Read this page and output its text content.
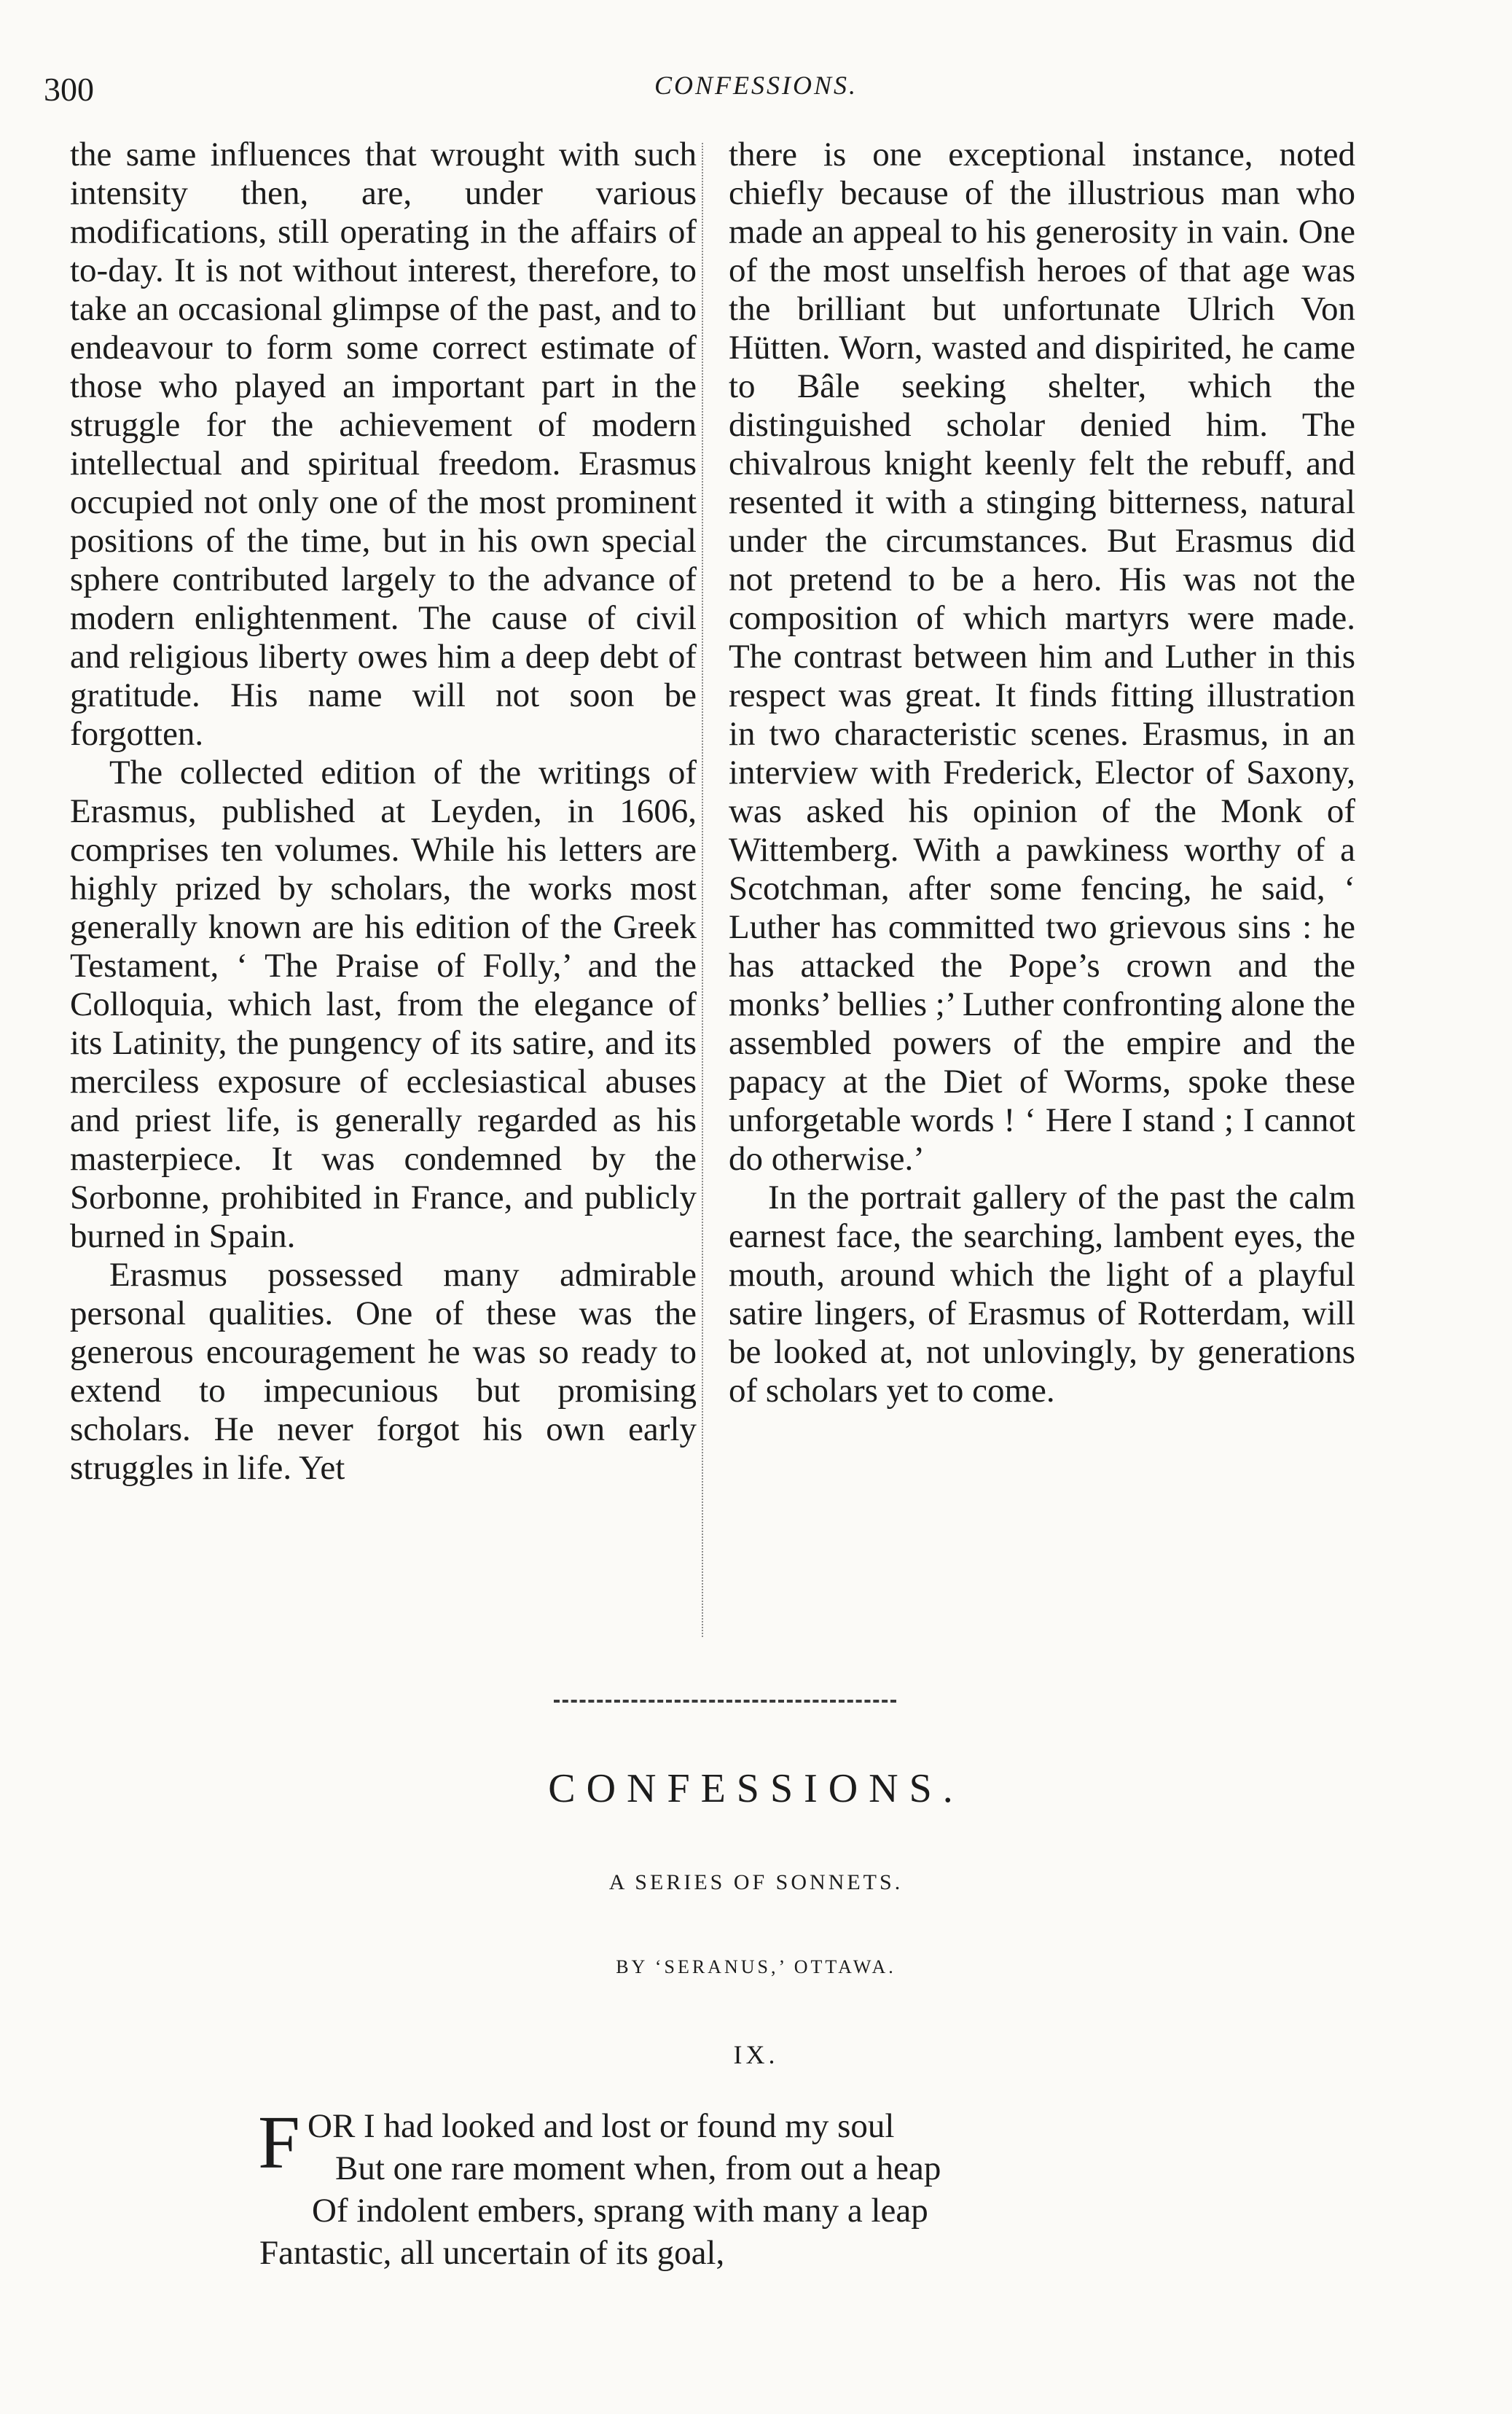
300	CONFESSIONS.

the same influences that wrought with such intensity then, are, under various modifications, still operating in the affairs of to-day. It is not without interest, therefore, to take an occasional glimpse of the past, and to endeavour to form some correct estimate of those who played an important part in the struggle for the achievement of modern intellectual and spiritual freedom. Erasmus occupied not only one of the most prominent positions of the time, but in his own special sphere contributed largely to the advance of modern enlightenment. The cause of civil and religious liberty owes him a deep debt of gratitude. His name will not soon be forgotten.

The collected edition of the writings of Erasmus, published at Leyden, in 1606, comprises ten volumes. While his letters are highly prized by scholars, the works most generally known are his edition of the Greek Testament, ‘ The Praise of Folly,’ and the Colloquia, which last, from the elegance of its Latinity, the pungency of its satire, and its merciless exposure of ecclesiastical abuses and priest life, is generally regarded as his masterpiece. It was condemned by the Sorbonne, prohibited in France, and publicly burned in Spain.

Erasmus possessed many admirable personal qualities. One of these was the generous encouragement he was so ready to extend to impecunious but promising scholars. He never forgot his own early struggles in life. Yet

there is one exceptional instance, noted chiefly because of the illustrious man who made an appeal to his generosity in vain. One of the most unselfish heroes of that age was the brilliant but unfortunate Ulrich Von Hütten. Worn, wasted and dispirited, he came to Bâle seeking shelter, which the distinguished scholar denied him. The chivalrous knight keenly felt the rebuff, and resented it with a stinging bitterness, natural under the circumstances. But Erasmus did not pretend to be a hero. His was not the composition of which martyrs were made. The contrast between him and Luther in this respect was great. It finds fitting illustration in two characteristic scenes. Erasmus, in an interview with Frederick, Elector of Saxony, was asked his opinion of the Monk of Wittemberg. With a pawkiness worthy of a Scotchman, after some fencing, he said, ‘ Luther has committed two grievous sins : he has attacked the Pope’s crown and the monks’ bellies ;’ Luther confronting alone the assembled powers of the empire and the papacy at the Diet of Worms, spoke these unforgetable words ! ‘ Here I stand ; I cannot do otherwise.’

In the portrait gallery of the past the calm earnest face, the searching, lambent eyes, the mouth, around which the light of a playful satire lingers, of Erasmus of Rotterdam, will be looked at, not unlovingly, by generations of scholars yet to come.

CONFESSIONS.
A SERIES OF SONNETS.
BY ‘SERANUS,’ OTTAWA.
IX.
F OR I had looked and lost or found my soul
But one rare moment when, from out a heap
Of indolent embers, sprang with many a leap
Fantastic, all uncertain of its goal,
